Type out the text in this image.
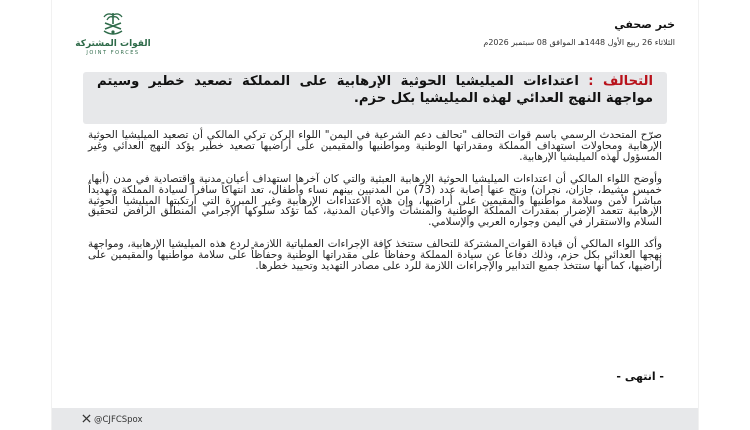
القوات المشتركة
JOINT FORCES
خبر صحفي
الثلاثاء 26 ربيع الأول 1448هـ الموافق 08 سبتمبر 2026م
التحالف : اعتداءات الميليشيا الحوثية الإرهابية على المملكة تصعيد خطير وسيتم مواجهة النهج العدائي لهذه الميليشيا بكل حزم.

صرّح المتحدث الرسمي باسم قوات التحالف "تحالف دعم الشرعية في اليمن" اللواء الركن تركي المالكي أن تصعيد الميليشيا الحوثية الإرهابية ومحاولات استهداف المملكة ومقدراتها الوطنية ومواطنيها والمقيمين على أراضيها تصعيد خطير يؤكد النهج العدائي وغير المسؤول لهذه الميليشيا الإرهابية.

وأوضح اللواء المالكي أن اعتداءات الميليشيا الحوثية الإرهابية العبثية والتي كان آخرها استهداف أعيان مدنية واقتصادية في مدن (أبها، خميس مشيط، جازان، نجران) ونتج عنها إصابة عدد (73) من المدنيين بينهم نساء وأطفال، تعد انتهاكاً سافراً لسيادة المملكة وتهديداً مباشراً لأمن وسلامة مواطنيها والمقيمين على أراضيها، وإن هذه الاعتداءات الإرهابية وغير المبررة التي ارتكبتها الميليشيا الحوثية الإرهابية تتعمد الإضرار بمقدرات المملكة الوطنية والمنشآت والأعيان المدنية، كما تؤكد سلوكها الإجرامي المنطلق الرافض لتحقيق السلام والاستقرار في اليمن وجواره العربي والإسلامي.

وأكد اللواء المالكي أن قيادة القوات المشتركة للتحالف ستتخذ كافة الإجراءات العملياتية اللازمة لردع هذه الميليشيا الإرهابية، ومواجهة نهجها العدائي بكل حزم، وذلك دفاعاً عن سيادة المملكة وحفاظاً على مقدراتها الوطنية وحفاظاً على سلامة مواطنيها والمقيمين على أراضيها، كما أنها ستتخذ جميع التدابير والإجراءات اللازمة للرد على مصادر التهديد وتحييد خطرها.

- انتهى -
@CJFCSpox
